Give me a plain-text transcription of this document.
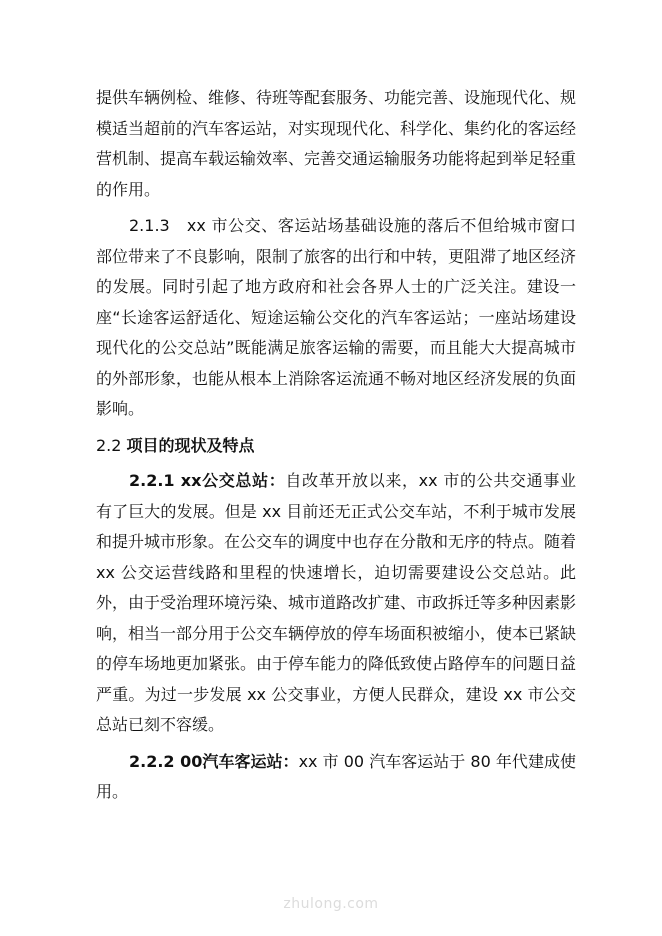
提供车辆例检、维修、待班等配套服务、功能完善、设施现代化、规模适当超前的汽车客运站，对实现现代化、科学化、集约化的客运经营机制、提高车载运输效率、完善交通运输服务功能将起到举足轻重的作用。

2.1.3　xx 市公交、客运站场基础设施的落后不但给城市窗口部位带来了不良影响，限制了旅客的出行和中转，更阻滞了地区经济的发展。同时引起了地方政府和社会各界人士的广泛关注。建设一座“长途客运舒适化、短途运输公交化的汽车客运站；一座站场建设现代化的公交总站”既能满足旅客运输的需要，而且能大大提高城市的外部形象，也能从根本上消除客运流通不畅对地区经济发展的负面影响。

2.2 项目的现状及特点

2.2.1 xx公交总站：自改革开放以来，xx 市的公共交通事业有了巨大的发展。但是 xx 目前还无正式公交车站，不利于城市发展和提升城市形象。在公交车的调度中也存在分散和无序的特点。随着 xx 公交运营线路和里程的快速增长，迫切需要建设公交总站。此外，由于受治理环境污染、城市道路改扩建、市政拆迁等多种因素影响，相当一部分用于公交车辆停放的停车场面积被缩小，使本已紧缺的停车场地更加紧张。由于停车能力的降低致使占路停车的问题日益严重。为过一步发展 xx 公交事业，方便人民群众，建设 xx 市公交总站已刻不容缓。

2.2.2 00汽车客运站：xx 市 00 汽车客运站于 80 年代建成使用。

zhulong.com
